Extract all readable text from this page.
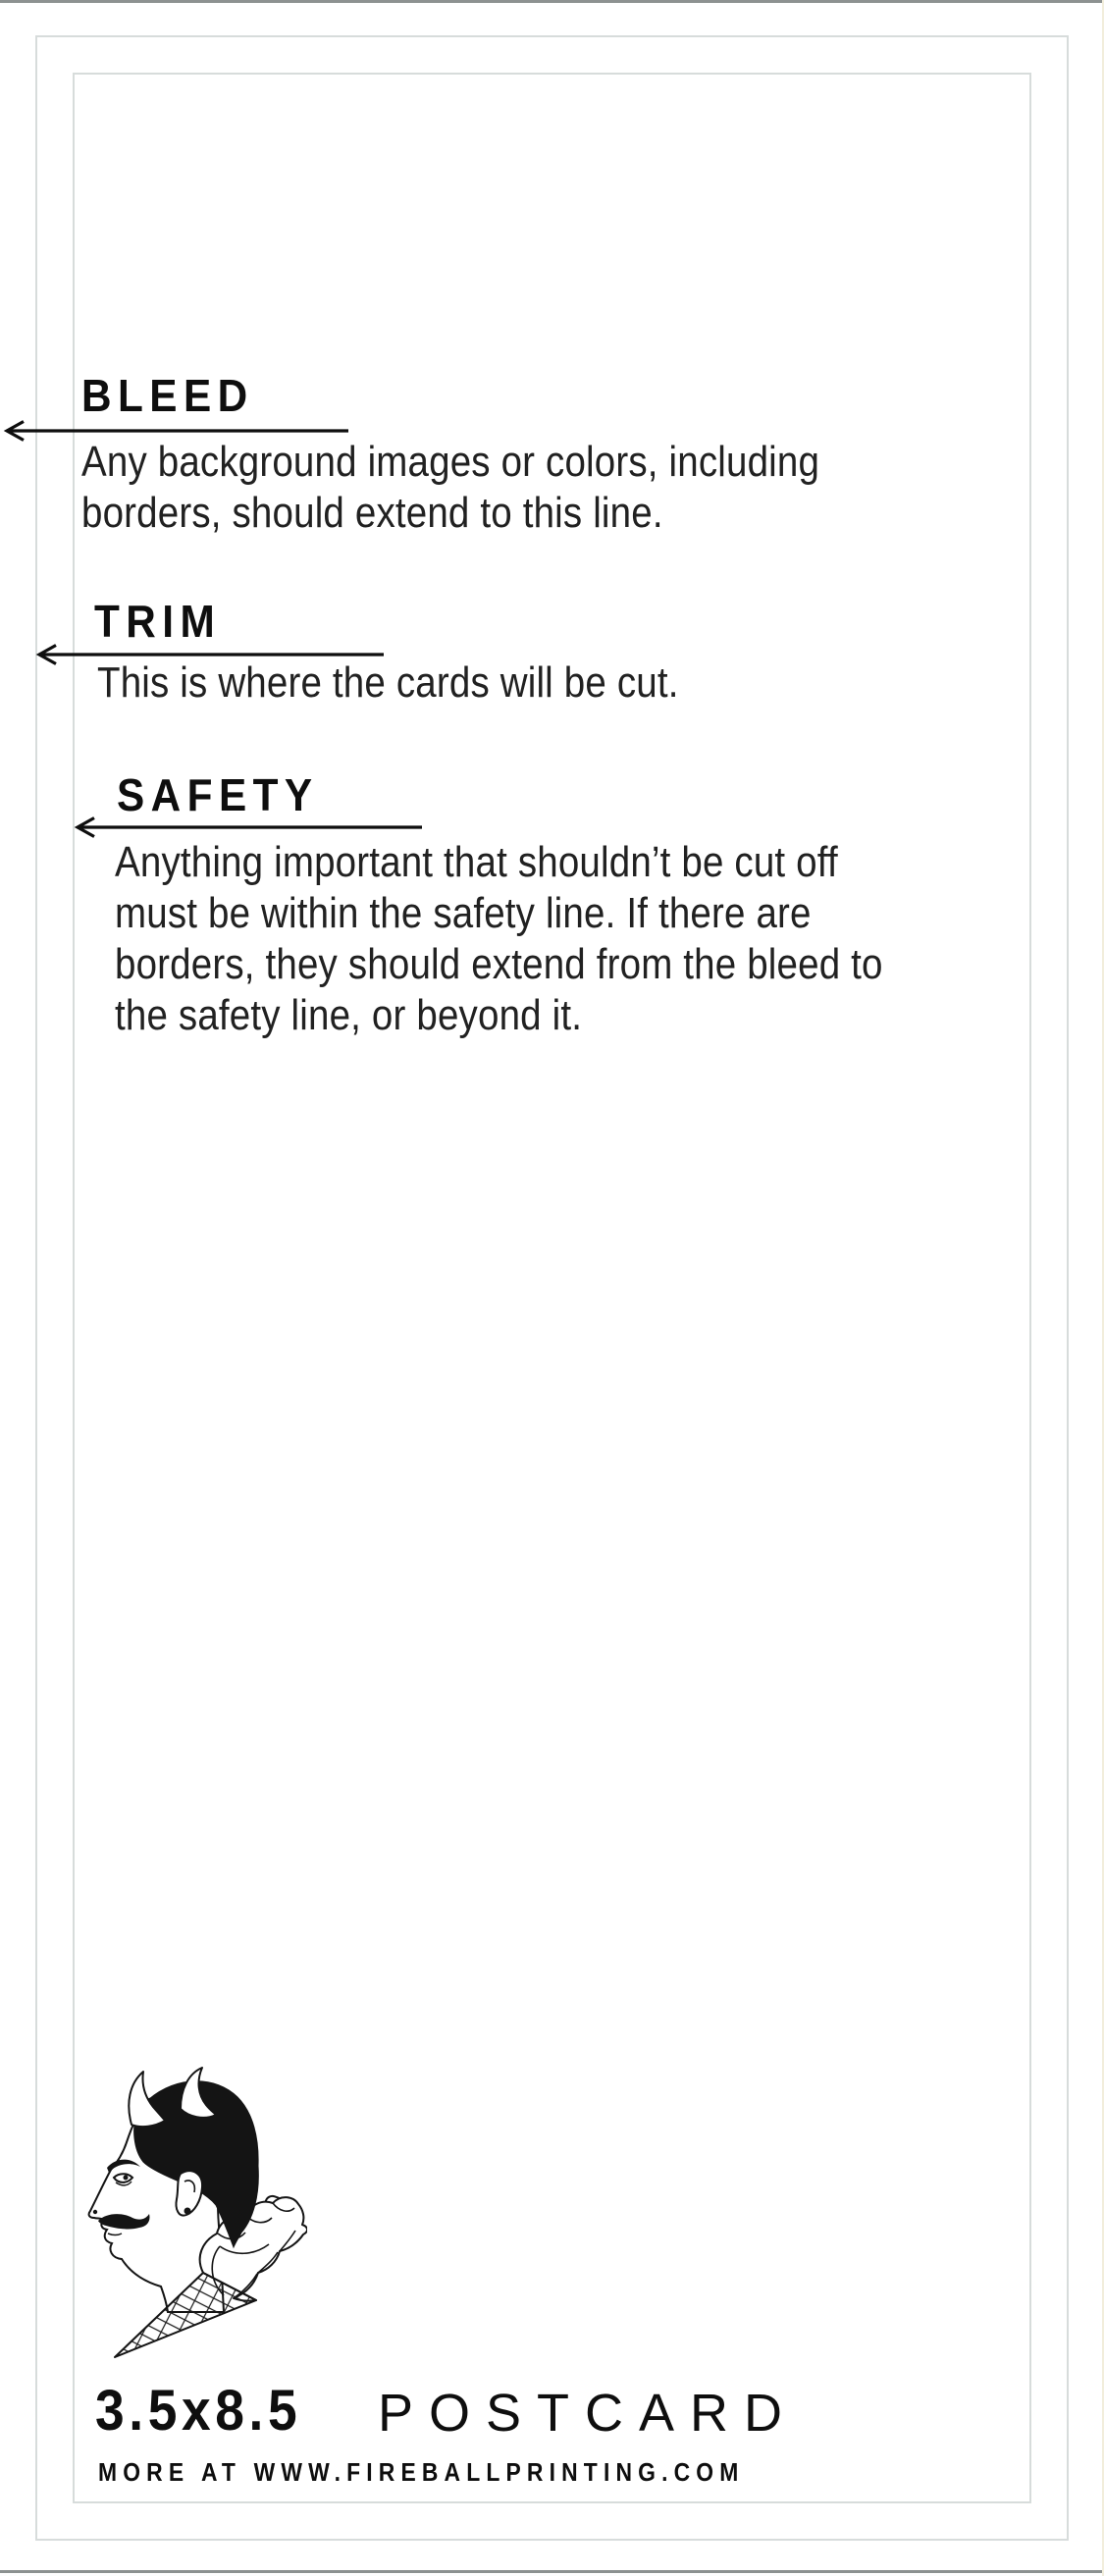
BLEED
Any background images or colors, including
borders, should extend to this line.
TRIM
This is where the cards will be cut.
SAFETY
Anything important that shouldn’t be cut off
must be within the safety line. If there are
borders, they should extend from the bleed to
the safety line, or beyond it.
3.5x8.5 POSTCARD
MORE AT WWW.FIREBALLPRINTING.COM
